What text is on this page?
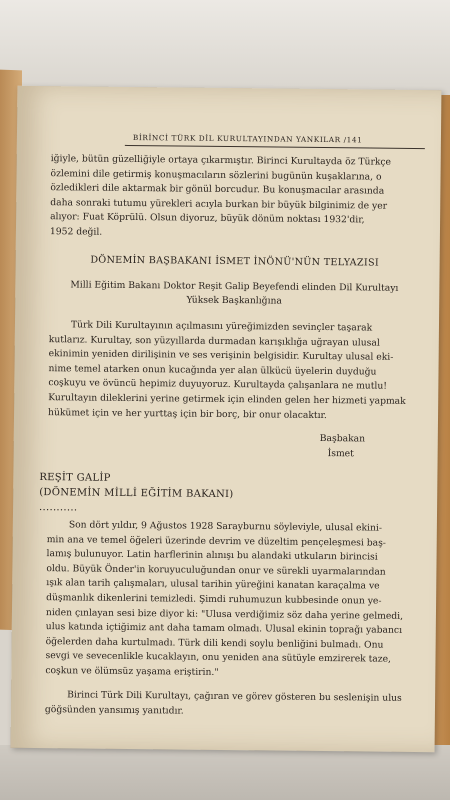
BİRİNCİ TÜRK DİL KURULTAYINDAN YANKILAR /141

iğiyle, bütün güzelliğiyle ortaya çıkarmıştır. Birinci Kurultayda öz Türkçe

özlemini dile getirmiş konuşmacıların sözlerini bugünün kuşaklarına, o

özledikleri dile aktarmak bir gönül borcudur. Bu konuşmacılar arasında

daha sonraki tutumu yürekleri acıyla burkan bir büyük bilginimiz de yer

alıyor: Fuat Köprülü. Olsun diyoruz, büyük dönüm noktası 1932'dir,

1952 değil.

DÖNEMİN BAŞBAKANI İSMET İNÖNÜ'NÜN TELYAZISI
Milli Eğitim Bakanı Doktor Reşit Galip Beyefendi elinden Dil Kurultayı
Yüksek Başkanlığına

Türk Dili Kurultayının açılmasını yüreğimizden sevinçler taşarak

kutlarız. Kurultay, son yüzyıllarda durmadan karışıklığa uğrayan ulusal

ekinimin yeniden dirilişinin ve ses verişinin belgisidir. Kurultay ulusal eki-

nime temel atarken onun kucağında yer alan ülkücü üyelerin duyduğu

coşkuyu ve övüncü hepimiz duyuyoruz. Kurultayda çalışanlara ne mutlu!

Kurultayın dileklerini yerine getirmek için elinden gelen her hizmeti yapmak

hükümet için ve her yurttaş için bir borç, bir onur olacaktır.

Başbakan
İsmet
REŞİT GALİP
(DÖNEMİN MİLLİ EĞİTİM BAKANI)
...........

Son dört yıldır, 9 Ağustos 1928 Sarayburnu söyleviyle, ulusal ekini-

min ana ve temel öğeleri üzerinde devrim ve düzeltim pençeleşmesi baş-

lamış bulunuyor. Latin harflerinin alınışı bu alandaki utkuların birincisi

oldu. Büyük Önder'in koruyuculuğundan onur ve sürekli uyarmalarından

ışık alan tarih çalışmaları, ulusal tarihin yüreğini kanatan karaçalma ve

düşmanlık dikenlerini temizledi. Şimdi ruhumuzun kubbesinde onun ye-

niden çınlayan sesi bize diyor ki: "Ulusa verdiğimiz söz daha yerine gelmedi,

ulus katında içtiğimiz ant daha tamam olmadı. Ulusal ekinin toprağı yabancı

öğelerden daha kurtulmadı. Türk dili kendi soylu benliğini bulmadı. Onu

sevgi ve sevecenlikle kucaklayın, onu yeniden ana sütüyle emzirerek taze,

coşkun ve ölümsüz yaşama eriştirin."

Birinci Türk Dili Kurultayı, çağıran ve görev gösteren bu seslenişin ulus

göğsünden yansımış yanıtıdır.
